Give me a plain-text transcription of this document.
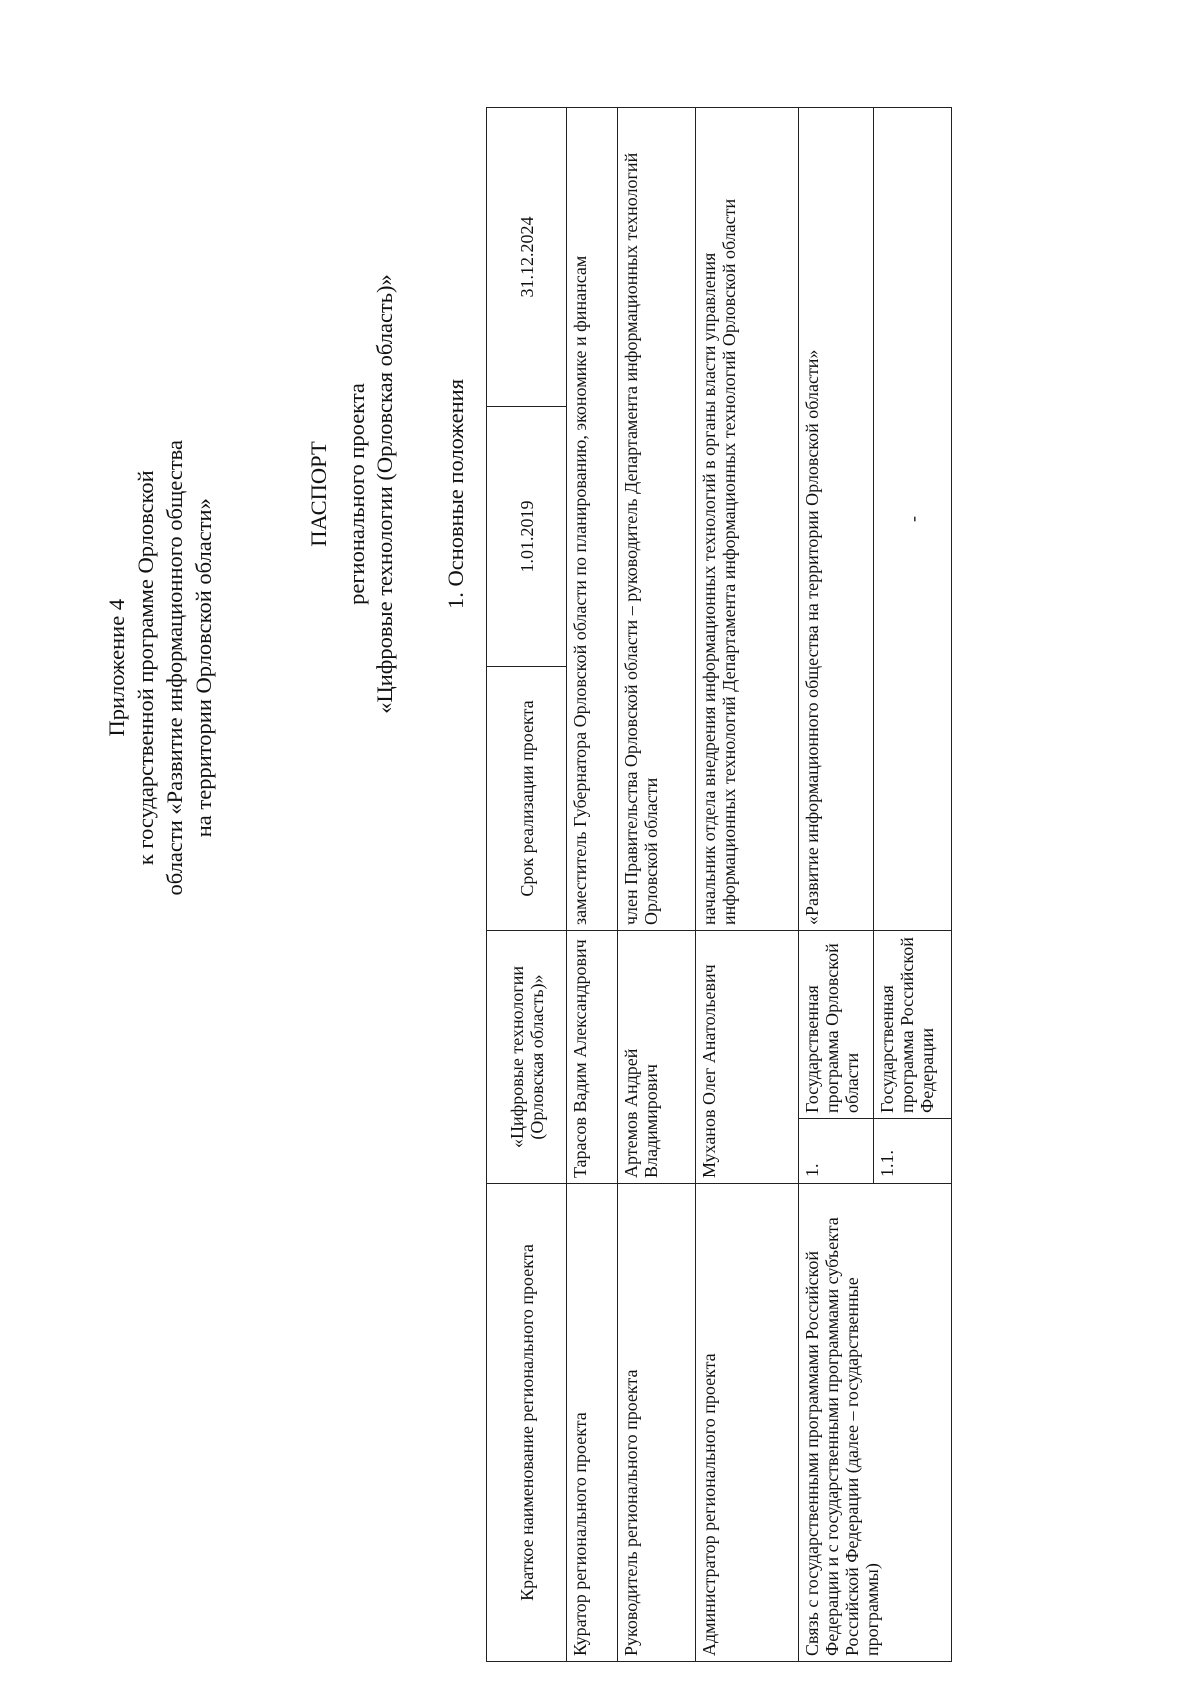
Приложение 4 к государственной программе Орловской области «Развитие информационного общества на территории Орловской области»
ПАСПОРТ регионального проекта «Цифровые технологии (Орловская область)» 1. Основные положения
Краткое наименование регионального проекта	«Цифровые технологии (Орловская область)»		Срок реализации проекта	1.01.2019	31.12.2024
Куратор регионального проекта	Тарасов Вадим Александрович		заместитель Губернатора Орловской области по планированию, экономике и финансам		
Руководитель регионального проекта	Артемов Андрей Владимирович		член Правительства Орловской области – руководитель Департамента информационных технологий Орловской области		
Администратор регионального проекта	Муханов Олег Анатольевич		начальник отдела внедрения информационных технологий в органы власти управления информационных технологий Департамента информационных технологий Орловской области		
Связь с государственными программами Российской Федерации и с государственными программами субъекта Российской Федерации (далее – государственные программы)	1.	Государственная программа Орловской области	«Развитие информационного общества на территории Орловской области»		
	1.1.	Государственная программа Российской Федерации	-		
